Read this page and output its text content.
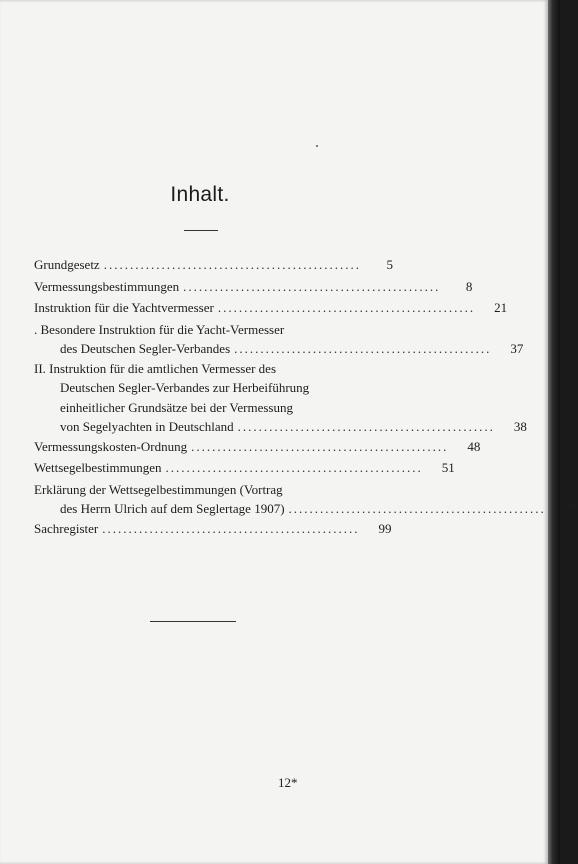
Inhalt.
Grundgesetz .................................................	5
Vermessungsbestimmungen .................................................	8
Instruktion für die Yachtvermesser .................................................	21
. Besondere Instruktion für die Yacht-Vermesser
des Deutschen Segler-Verbandes .................................................	37
II. Instruktion für die amtlichen Vermesser des
Deutschen Segler-Verbandes zur Herbeiführung
einheitlicher Grundsätze bei der Vermessung
von Segelyachten in Deutschland .................................................	38
Vermessungskosten-Ordnung .................................................	48
Wettsegelbestimmungen .................................................	51
Erklärung der Wettsegelbestimmungen (Vortrag
des Herrn Ulrich auf dem Seglertage 1907) .................................................	75
Sachregister .................................................	99
12*
